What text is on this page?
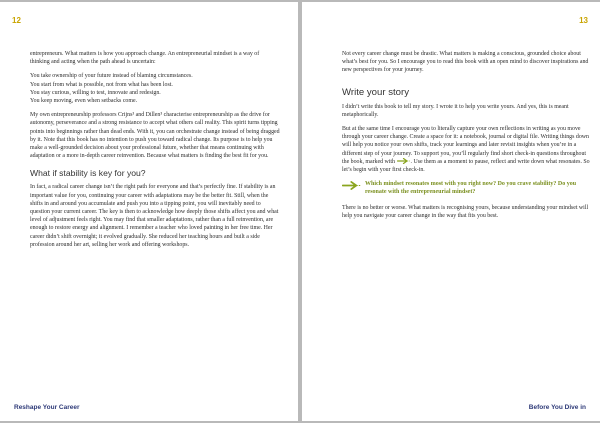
12

entrepreneurs. What matters is how you approach change. An entrepreneurial mindset is a way of thinking and acting when the path ahead is uncertain:

You take ownership of your future instead of blaming circumstances.

You start from what is possible, not from what has been lost.

You stay curious, willing to test, innovate and redesign.

You keep moving, even when setbacks come.

My own entrepreneurship professors Crijns³ and Dillen³ characterise entrepreneurship as the drive for autonomy, perseverance and a strong resistance to accept what others call reality. This spirit turns tipping points into beginnings rather than dead ends. With it, you can orchestrate change instead of being dragged by it. Note that this book has no intention to push you toward radical change. Its purpose is to help you make a well-grounded decision about your professional future, whether that means continuing with adaptation or a more in-depth career reinvention. Because what matters is finding the best fit for you.

What if stability is key for you?

In fact, a radical career change isn’t the right path for everyone and that’s perfectly fine. If stability is an important value for you, continuing your career with adaptations may be the better fit. Still, when the shifts in and around you accumulate and push you into a tipping point, you will inevitably need to question your current career. The key is then to acknowledge how deeply those shifts affect you and what level of adjustment feels right. You may find that smaller adaptations, rather than a full reinvention, are enough to restore energy and alignment. I remember a teacher who loved painting in her free time. Her career didn’t shift overnight; it evolved gradually. She reduced her teaching hours and built a side profession around her art, selling her work and offering workshops.

Reshape Your Career
13

Not every career change must be drastic. What matters is making a conscious, grounded choice about what’s best for you. So I encourage you to read this book with an open mind to discover inspirations and new perspectives for your journey.

Write your story

I didn’t write this book to tell my story. I wrote it to help you write yours. And yes, this is meant metaphorically.

But at the same time I encourage you to literally capture your own reflections in writing as you move through your career change. Create a space for it: a notebook, journal or digital file. Writing things down will help you notice your own shifts, track your learnings and later revisit insights when you’re in a different step of your journey. To support you, you’ll regularly find short check-in questions throughout the book, marked with	. Use them as a moment to pause, reflect and write down what resonates. So let’s begin with your first check-in.

Which mindset resonates most with you right now? Do you crave stability? Do you resonate with the entrepreneurial mindset?

There is no better or worse. What matters is recognising yours, because understanding your mindset will help you navigate your career change in the way that fits you best.

Before You Dive in
